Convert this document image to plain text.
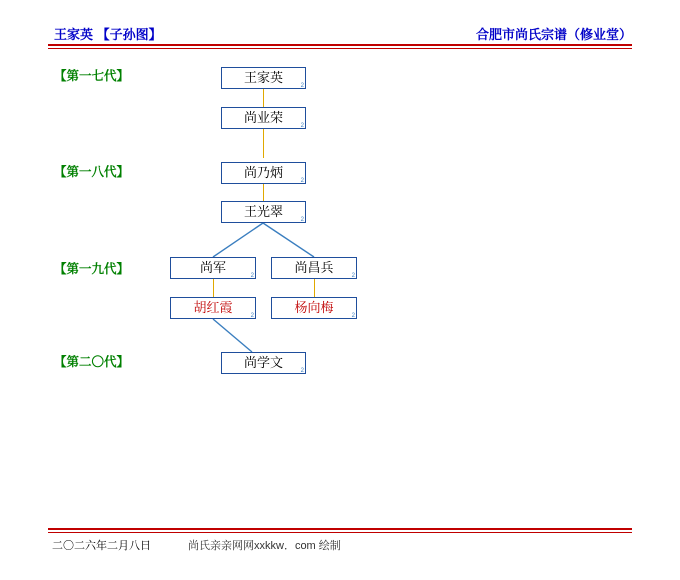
王家英 【子孙图】	合肥市尚氏宗谱（修业堂）
【第一七代】
【第一八代】
【第一九代】
【第二〇代】
王家英
2
尚业荣
2
尚乃炳
2
王光翠
2
尚军
2
尚昌兵
2
胡红霞
2
杨向梅
2
尚学文
2
二〇二六年二月八日	尚氏亲亲网网xxkkw．com 绘制
